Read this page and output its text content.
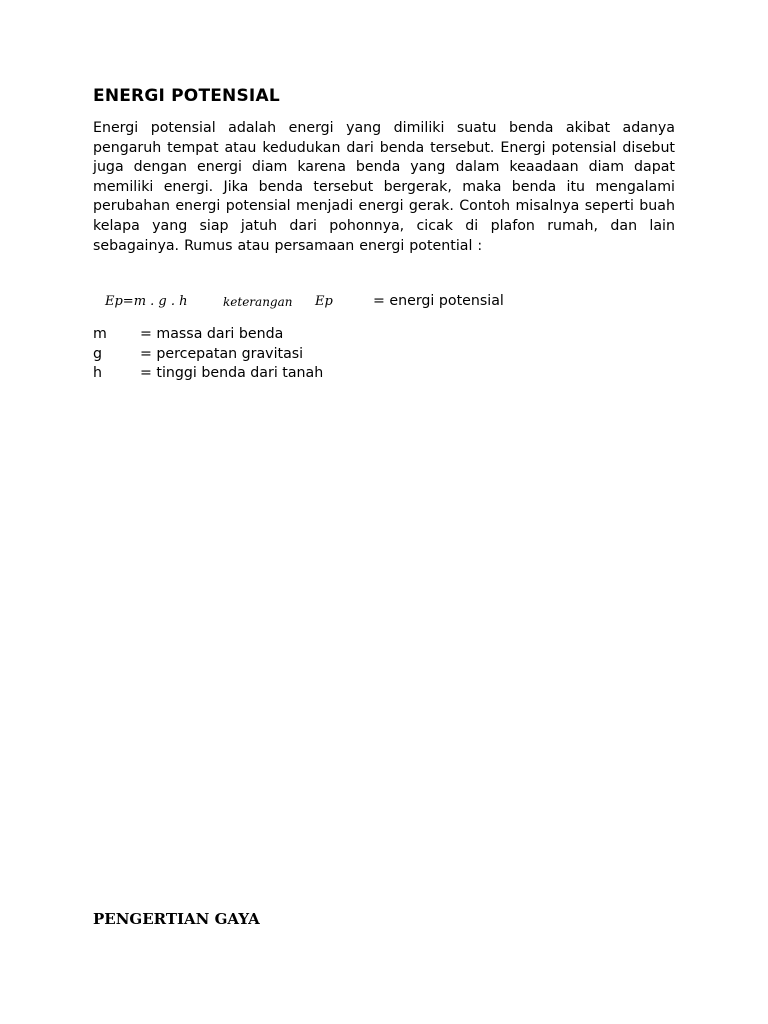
ENERGI POTENSIAL
Energi potensial adalah energi yang dimiliki suatu benda akibat adanya pengaruh tempat atau kedudukan dari benda tersebut. Energi potensial disebut juga dengan energi diam karena benda yang dalam keaadaan diam dapat memiliki energi. Jika benda tersebut bergerak, maka benda itu mengalami perubahan energi potensial menjadi energi gerak. Contoh misalnya seperti buah kelapa yang siap jatuh dari pohonnya, cicak di plafon rumah, dan lain sebagainya. Rumus atau persamaan energi potential :
Ep=m . g . h	keterangan Ep	= energi potensial
m = massa dari benda
g	= percepatan gravitasi
h	= tinggi benda dari tanah
PENGERTIAN GAYA
